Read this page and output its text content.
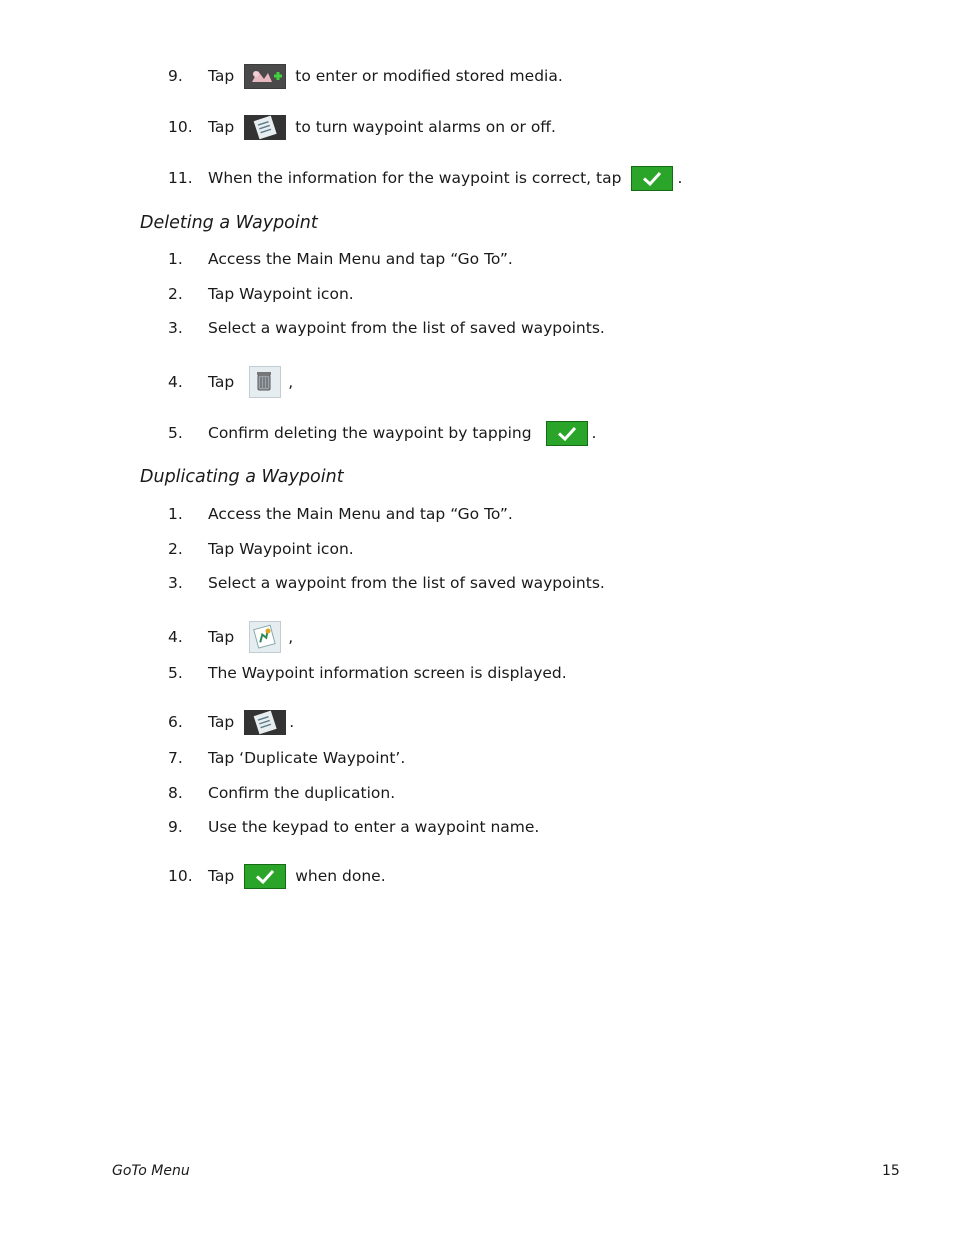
9. Tap	to enter or modified stored media.
10. Tap	to turn waypoint alarms on or off.
11. When the information for the waypoint is correct, tap	.
Deleting a Waypoint
1. Access the Main Menu and tap “Go To”.
2. Tap Waypoint icon.
3. Select a waypoint from the list of saved waypoints.
4. Tap	,
5. Confirm deleting the waypoint by tapping	.
Duplicating a Waypoint
1. Access the Main Menu and tap “Go To”.
2. Tap Waypoint icon.
3. Select a waypoint from the list of saved waypoints.
4. Tap	,
5. The Waypoint information screen is displayed.
6. Tap	.
7. Tap ‘Duplicate Waypoint’.
8. Confirm the duplication.
9. Use the keypad to enter a waypoint name.
10. Tap	when done.
GoTo Menu	15
